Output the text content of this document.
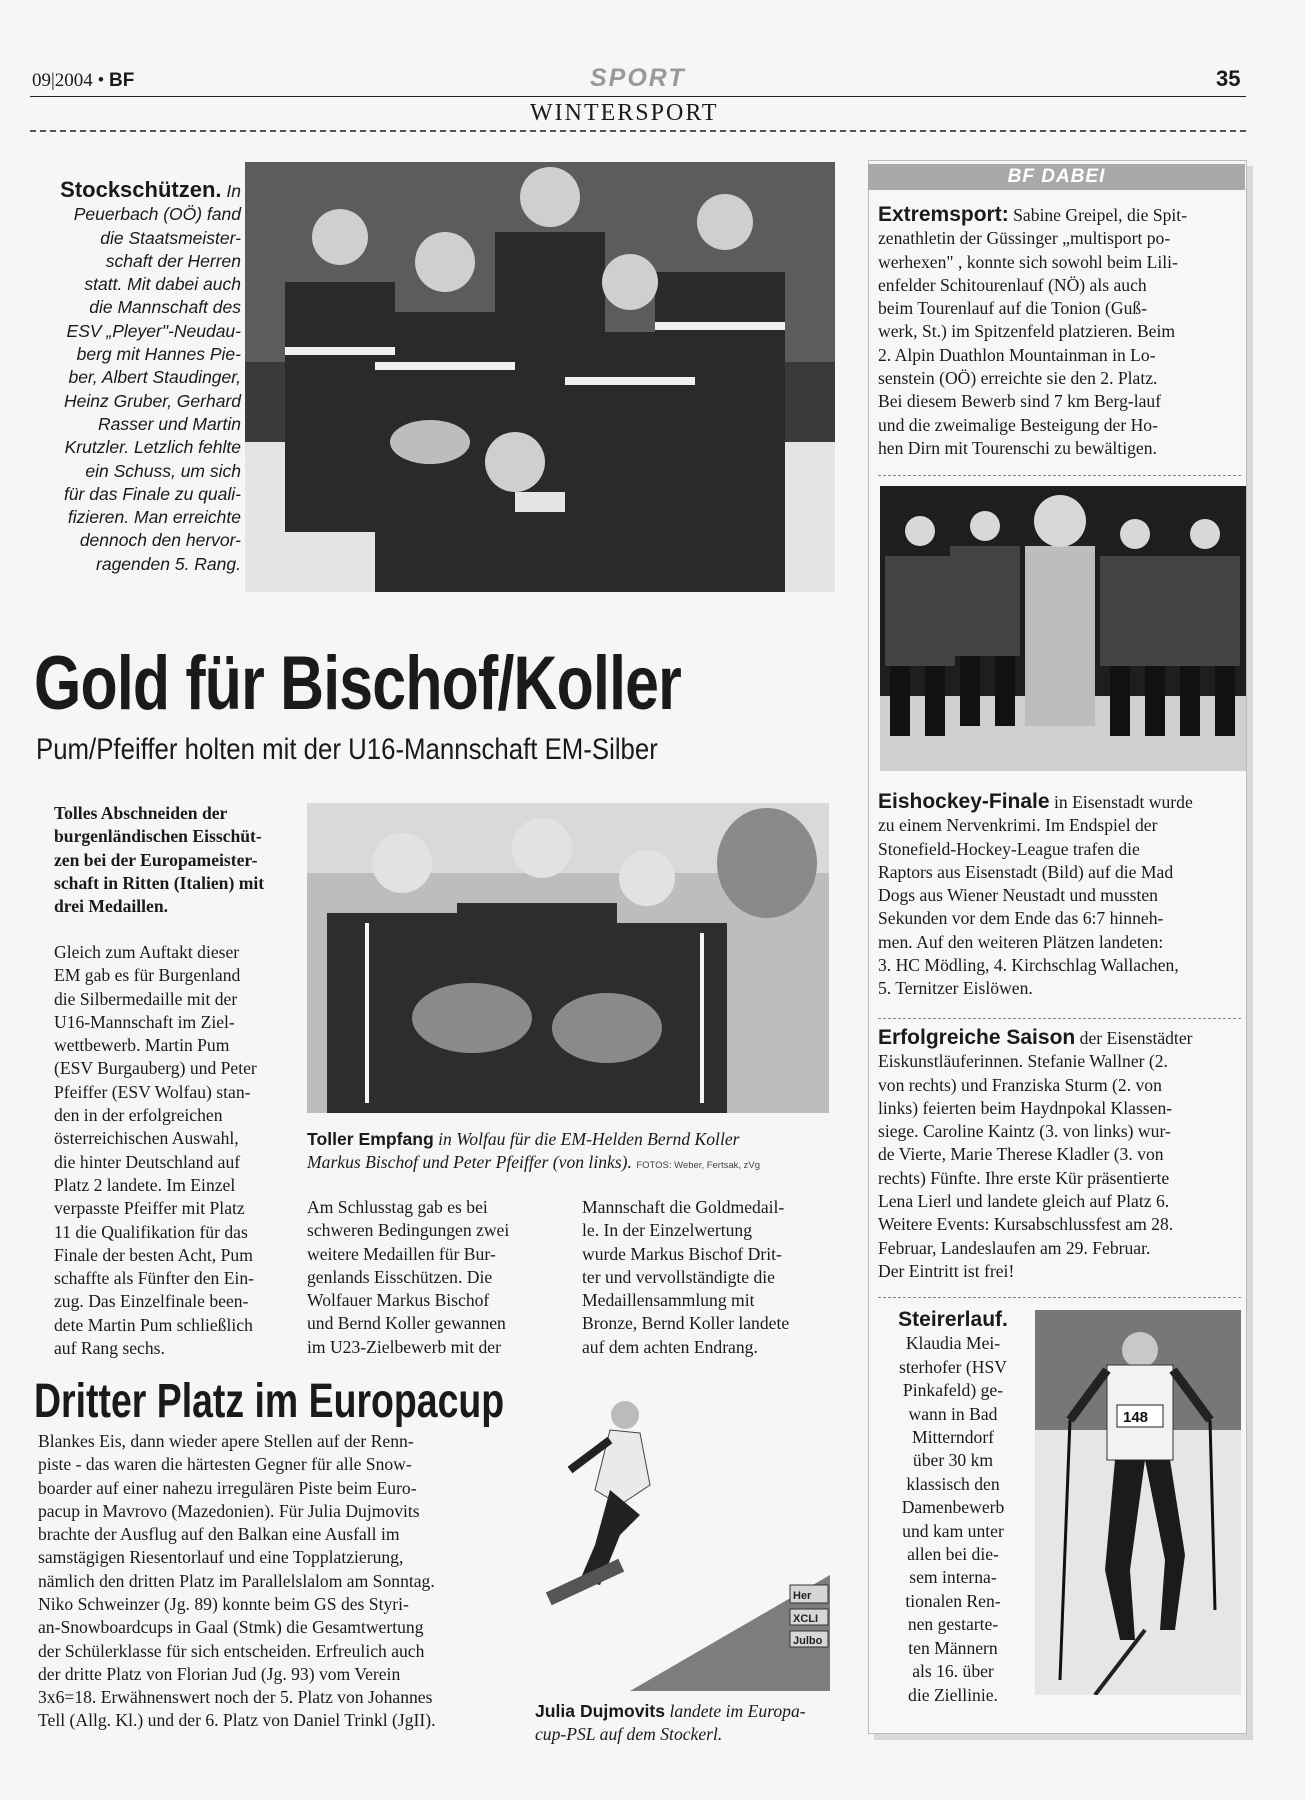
09|2004 • BF	SPORT	35
WINTERSPORT
Stockschützen. In
Peuerbach (OÖ) fand
die Staatsmeister-
schaft der Herren
statt. Mit dabei auch
die Mannschaft des
ESV „Pleyer"-Neudau-
berg mit Hannes Pie-
ber, Albert Staudinger,
Heinz Gruber, Gerhard
Rasser und Martin
Krutzler. Letzlich fehlte
ein Schuss, um sich
für das Finale zu quali-
fizieren. Man erreichte
dennoch den hervor-
ragenden 5. Rang.
Gold für Bischof/Koller
Pum/Pfeiffer holten mit der U16-Mannschaft EM-Silber
Tolles Abschneiden der
burgenländischen Eisschüt-
zen bei der Europameister-
schaft in Ritten (Italien) mit
drei Medaillen.
Gleich zum Auftakt dieser
EM gab es für Burgenland
die Silbermedaille mit der
U16-Mannschaft im Ziel-
wettbewerb. Martin Pum
(ESV Burgauberg) und Peter
Pfeiffer (ESV Wolfau) stan-
den in der erfolgreichen
österreichischen Auswahl,
die hinter Deutschland auf
Platz 2 landete. Im Einzel
verpasste Pfeiffer mit Platz
11 die Qualifikation für das
Finale der besten Acht, Pum
schaffte als Fünfter den Ein-
zug. Das Einzelfinale been-
dete Martin Pum schließlich
auf Rang sechs.
Toller Empfang in Wolfau für die EM-Helden Bernd Koller
Markus Bischof und Peter Pfeiffer (von links). FOTOS: Weber, Fertsak, zVg
Am Schlusstag gab es bei
schweren Bedingungen zwei
weitere Medaillen für Bur-
genlands Eisschützen. Die
Wolfauer Markus Bischof
und Bernd Koller gewannen
im U23-Zielbewerb mit der
Mannschaft die Goldmedail-
le. In der Einzelwertung
wurde Markus Bischof Drit-
ter und vervollständigte die
Medaillensammlung mit
Bronze, Bernd Koller landete
auf dem achten Endrang.
Dritter Platz im Europacup
Blankes Eis, dann wieder apere Stellen auf der Renn-
piste - das waren die härtesten Gegner für alle Snow-
boarder auf einer nahezu irregulären Piste beim Euro-
pacup in Mavrovo (Mazedonien). Für Julia Dujmovits
brachte der Ausflug auf den Balkan eine Ausfall im
samstägigen Riesentorlauf und eine Topplatzierung,
nämlich den dritten Platz im Parallelslalom am Sonntag.
Niko Schweinzer (Jg. 89) konnte beim GS des Styri-
an-Snowboardcups in Gaal (Stmk) die Gesamtwertung
der Schülerklasse für sich entscheiden. Erfreulich auch
der dritte Platz von Florian Jud (Jg. 93) vom Verein
3x6=18. Erwähnenswert noch der 5. Platz von Johannes
Tell (Allg. Kl.) und der 6. Platz von Daniel Trinkl (JgII).
Her
XCLI
Julbo
Julia Dujmovits landete im Europa-
cup-PSL auf dem Stockerl.
BF DABEI
Extremsport: Sabine Greipel, die Spit-
zenathletin der Güssinger „multisport po-
werhexen" , konnte sich sowohl beim Lili-
enfelder Schitourenlauf (NÖ) als auch
beim Tourenlauf auf die Tonion (Guß-
werk, St.) im Spitzenfeld platzieren. Beim
2. Alpin Duathlon Mountainman in Lo-
senstein (OÖ) erreichte sie den 2. Platz.
Bei diesem Bewerb sind 7 km Berg-lauf
und die zweimalige Besteigung der Ho-
hen Dirn mit Tourenschi zu bewältigen.
Eishockey-Finale in Eisenstadt wurde
zu einem Nervenkrimi. Im Endspiel der
Stonefield-Hockey-League trafen die
Raptors aus Eisenstadt (Bild) auf die Mad
Dogs aus Wiener Neustadt und mussten
Sekunden vor dem Ende das 6:7 hinneh-
men. Auf den weiteren Plätzen landeten:
3. HC Mödling, 4. Kirchschlag Wallachen,
5. Ternitzer Eislöwen.
Erfolgreiche Saison der Eisenstädter
Eiskunstläuferinnen. Stefanie Wallner (2.
von rechts) und Franziska Sturm (2. von
links) feierten beim Haydnpokal Klassen-
siege. Caroline Kaintz (3. von links) wur-
de Vierte, Marie Therese Kladler (3. von
rechts) Fünfte. Ihre erste Kür präsentierte
Lena Lierl und landete gleich auf Platz 6.
Weitere Events: Kursabschlussfest am 28.
Februar, Landeslaufen am 29. Februar.
Der Eintritt ist frei!
Steirerlauf.
Klaudia Mei-
sterhofer (HSV
Pinkafeld) ge-
wann in Bad
Mitterndorf
über 30 km
klassisch den
Damenbewerb
und kam unter
allen bei die-
sem interna-
tionalen Ren-
nen gestarte-
ten Männern
als 16. über
die Ziellinie.
148
